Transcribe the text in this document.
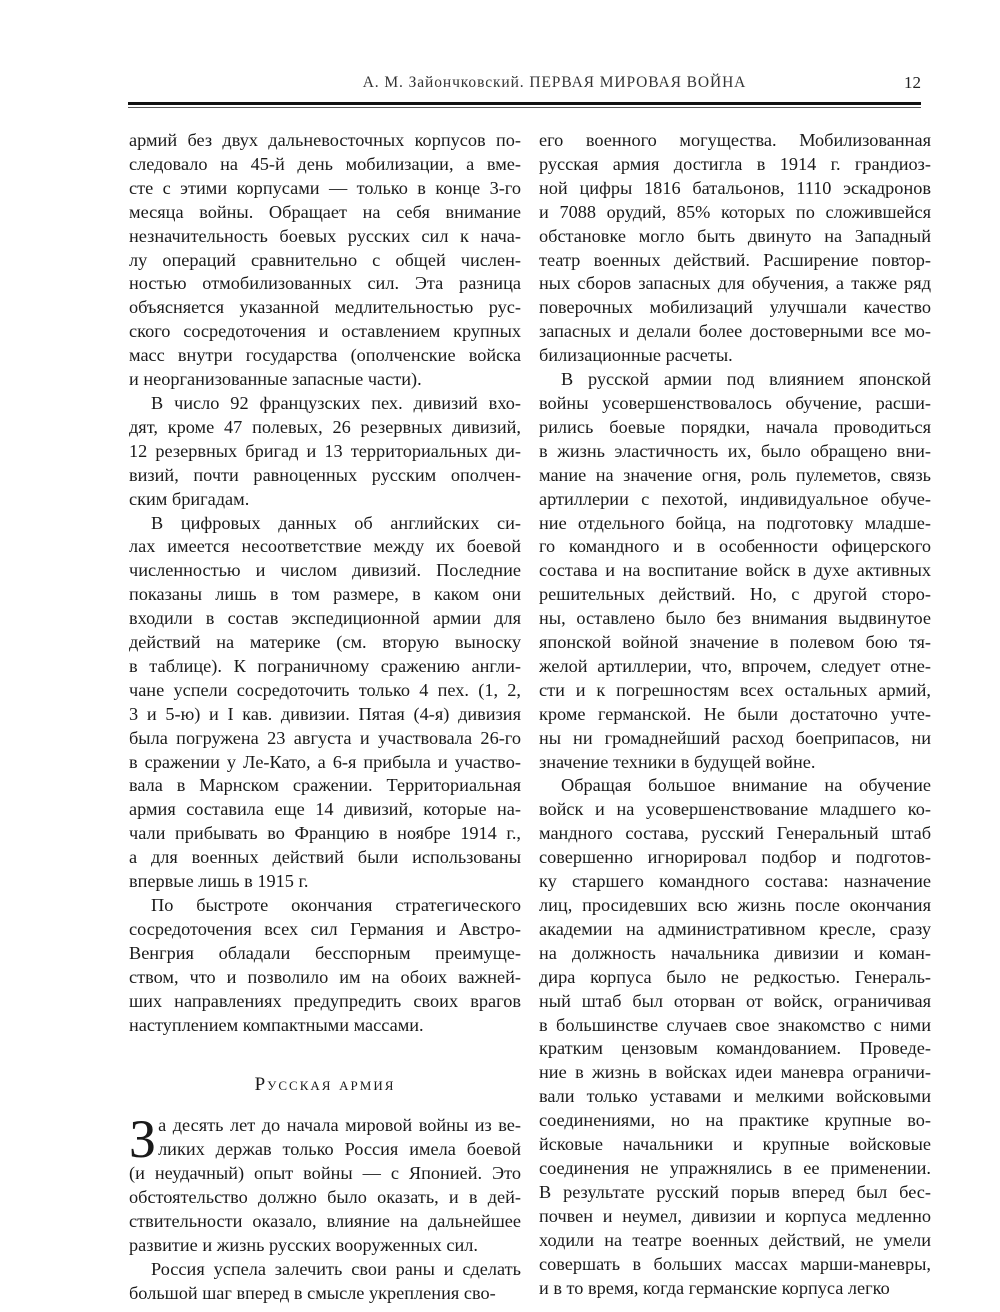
А. М. Зайончковский. ПЕРВАЯ МИРОВАЯ ВОЙНА	12

армий без двух дальневосточных корпусов по-
следовало на 45-й день мобилизации, а вме-
сте с этими корпусами — только в конце 3-го
месяца войны. Обращает на себя внимание
незначительность боевых русских сил к нача-
лу операций сравнительно с общей числен-
ностью отмобилизованных сил. Эта разница
объясняется указанной медлительностью рус-
ского сосредоточения и оставлением крупных
масс внутри государства (ополченские войска
и неорганизованные запасные части).

В число 92 французских пех. дивизий вхо-
дят, кроме 47 полевых, 26 резервных дивизий,
12 резервных бригад и 13 территориальных ди-
визий, почти равноценных русским ополчен-
ским бригадам.

В цифровых данных об английских си-
лах имеется несоответствие между их боевой
численностью и числом дивизий. Последние
показаны лишь в том размере, в каком они
входили в состав экспедиционной армии для
действий на материке (см. вторую выноску
в таблице). К пограничному сражению англи-
чане успели сосредоточить только 4 пех. (1, 2,
3 и 5-ю) и I кав. дивизии. Пятая (4-я) дивизия
была погружена 23 августа и участвовала 26-го
в сражении у Ле-Като, а 6-я прибыла и участво-
вала в Марнском сражении. Территориальная
армия составила еще 14 дивизий, которые на-
чали прибывать во Францию в ноябре 1914 г.,
а для военных действий были использованы
впервые лишь в 1915 г.

По быстроте окончания стратегического
сосредоточения всех сил Германия и Австро-
Венгрия обладали бесспорным преимуще-
ством, что и позволило им на обоих важней-
ших направлениях предупредить своих врагов
наступлением компактными массами.

Русская армия

З а десять лет до начала мировой войны из ве-
ликих держав только Россия имела боевой
(и неудачный) опыт войны — с Японией. Это
обстоятельство должно было оказать, и в дей-
ствительности оказало, влияние на дальнейшее
развитие и жизнь русских вооруженных сил.

Россия успела залечить свои раны и сделать
большой шаг вперед в смысле укрепления сво-

его военного могущества. Мобилизованная
русская армия достигла в 1914 г. грандиоз-
ной цифры 1816 батальонов, 1110 эскадронов
и 7088 орудий, 85% которых по сложившейся
обстановке могло быть двинуто на Западный
театр военных действий. Расширение повтор-
ных сборов запасных для обучения, а также ряд
поверочных мобилизаций улучшали качество
запасных и делали более достоверными все мо-
билизационные расчеты.

В русской армии под влиянием японской
войны усовершенствовалось обучение, расши-
рились боевые порядки, начала проводиться
в жизнь эластичность их, было обращено вни-
мание на значение огня, роль пулеметов, связь
артиллерии с пехотой, индивидуальное обуче-
ние отдельного бойца, на подготовку младше-
го командного и в особенности офицерского
состава и на воспитание войск в духе активных
решительных действий. Но, с другой сторо-
ны, оставлено было без внимания выдвинутое
японской войной значение в полевом бою тя-
желой артиллерии, что, впрочем, следует отне-
сти и к погрешностям всех остальных армий,
кроме германской. Не были достаточно учте-
ны ни громаднейший расход боеприпасов, ни
значение техники в будущей войне.

Обращая большое внимание на обучение
войск и на усовершенствование младшего ко-
мандного состава, русский Генеральный штаб
совершенно игнорировал подбор и подготов-
ку старшего командного состава: назначение
лиц, просидевших всю жизнь после окончания
академии на административном кресле, сразу
на должность начальника дивизии и коман-
дира корпуса было не редкостью. Генераль-
ный штаб был оторван от войск, ограничивая
в большинстве случаев свое знакомство с ними
кратким цензовым командованием. Проведе-
ние в жизнь в войсках идеи маневра ограничи-
вали только уставами и мелкими войсковыми
соединениями, но на практике крупные во-
йсковые начальники и крупные войсковые
соединения не упражнялись в ее применении.
В результате русский порыв вперед был бес-
почвен и неумел, дивизии и корпуса медленно
ходили на театре военных действий, не умели
совершать в больших массах марши-маневры,
и в то время, когда германские корпуса легко
